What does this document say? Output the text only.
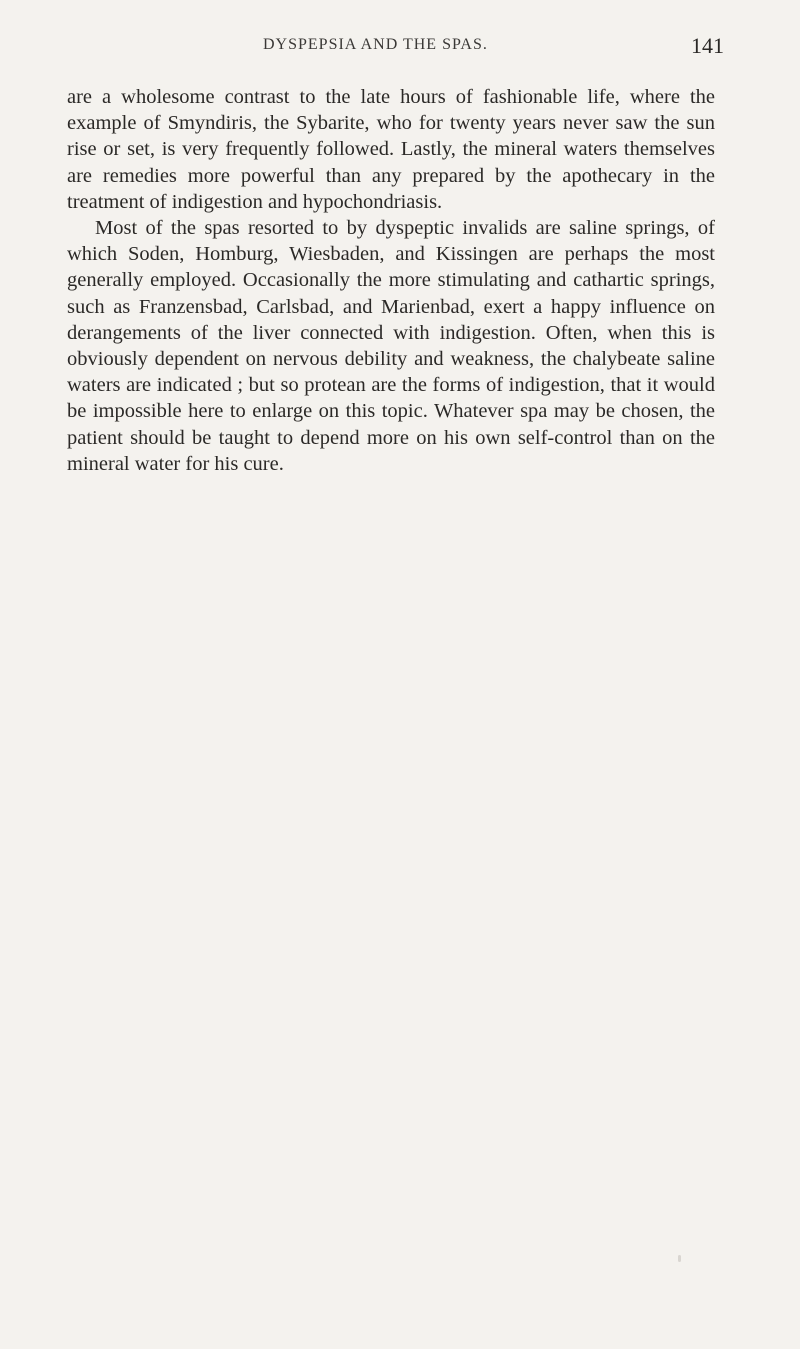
DYSPEPSIA AND THE SPAS.	141

are a wholesome contrast to the late hours of fashionable life, where the example of Smyndiris, the Sybarite, who for twenty years never saw the sun rise or set, is very frequently followed. Lastly, the mineral waters themselves are remedies more powerful than any prepared by the apothecary in the treatment of indigestion and hypochondriasis.

Most of the spas resorted to by dyspeptic invalids are saline springs, of which Soden, Homburg, Wiesbaden, and Kissingen are perhaps the most generally employed. Occasionally the more stimulating and cathartic springs, such as Franzensbad, Carlsbad, and Marienbad, exert a happy influence on derangements of the liver connected with indigestion. Often, when this is obviously dependent on nervous debility and weakness, the chalybeate saline waters are indicated ; but so protean are the forms of indigestion, that it would be impossible here to enlarge on this topic. Whatever spa may be chosen, the patient should be taught to depend more on his own self-control than on the mineral water for his cure.
